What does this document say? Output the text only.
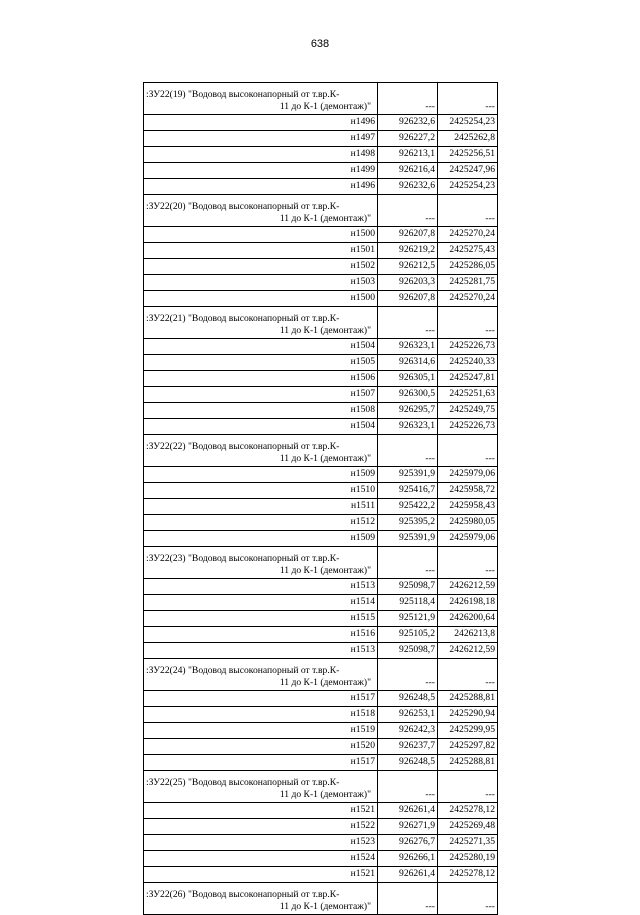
638
:ЗУ22(19) "Водовод высоконапорный от т.вр.К-
11 до К-1 (демонтаж)"	---	---
н1496	926232,6	2425254,23
н1497	926227,2	2425262,8
н1498	926213,1	2425256,51
н1499	926216,4	2425247,96
н1496	926232,6	2425254,23

:ЗУ22(20) "Водовод высоконапорный от т.вр.К-
11 до К-1 (демонтаж)"	---	---
н1500	926207,8	2425270,24
н1501	926219,2	2425275,43
н1502	926212,5	2425286,05
н1503	926203,3	2425281,75
н1500	926207,8	2425270,24

:ЗУ22(21) "Водовод высоконапорный от т.вр.К-
11 до К-1 (демонтаж)"	---	---
н1504	926323,1	2425226,73
н1505	926314,6	2425240,33
н1506	926305,1	2425247,81
н1507	926300,5	2425251,63
н1508	926295,7	2425249,75
н1504	926323,1	2425226,73

:ЗУ22(22) "Водовод высоконапорный от т.вр.К-
11 до К-1 (демонтаж)"	---	---
н1509	925391,9	2425979,06
н1510	925416,7	2425958,72
н1511	925422,2	2425958,43
н1512	925395,2	2425980,05
н1509	925391,9	2425979,06

:ЗУ22(23) "Водовод высоконапорный от т.вр.К-
11 до К-1 (демонтаж)"	---	---
н1513	925098,7	2426212,59
н1514	925118,4	2426198,18
н1515	925121,9	2426200,64
н1516	925105,2	2426213,8
н1513	925098,7	2426212,59

:ЗУ22(24) "Водовод высоконапорный от т.вр.К-
11 до К-1 (демонтаж)"	---	---
н1517	926248,5	2425288,81
н1518	926253,1	2425290,94
н1519	926242,3	2425299,95
н1520	926237,7	2425297,82
н1517	926248,5	2425288,81

:ЗУ22(25) "Водовод высоконапорный от т.вр.К-
11 до К-1 (демонтаж)"	---	---
н1521	926261,4	2425278,12
н1522	926271,9	2425269,48
н1523	926276,7	2425271,35
н1524	926266,1	2425280,19
н1521	926261,4	2425278,12

:ЗУ22(26) "Водовод высоконапорный от т.вр.К-
11 до К-1 (демонтаж)"	---	---
